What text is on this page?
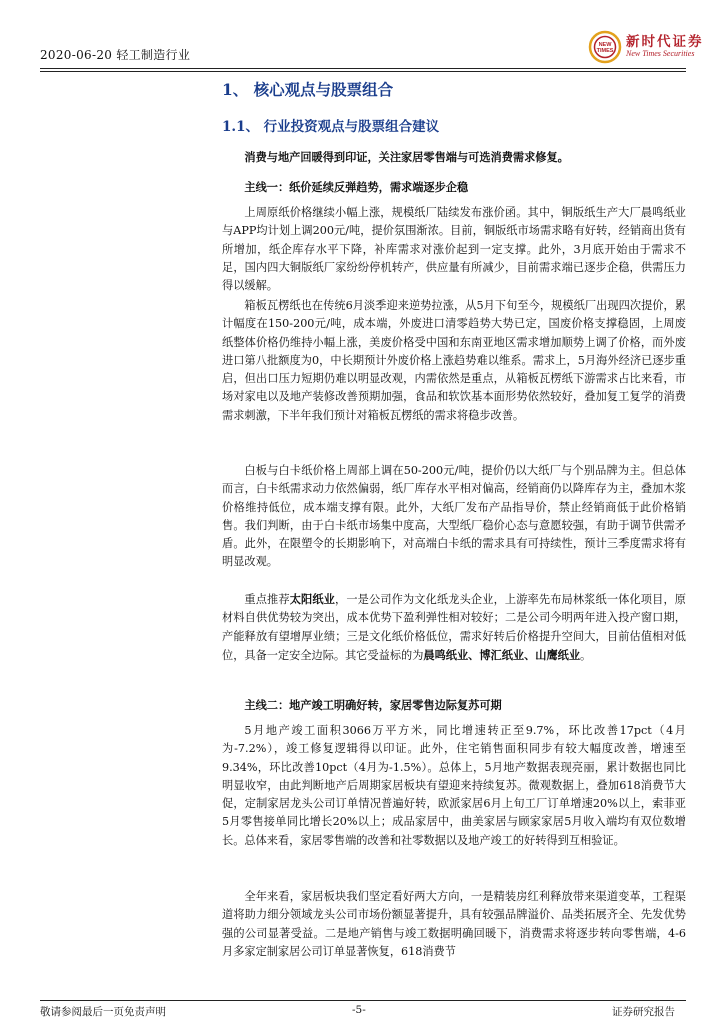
2020-06-20 轻工制造行业
NEW
TIMES
新时代证券
New Times Securities
1、 核心观点与股票组合
1.1、 行业投资观点与股票组合建议

消费与地产回暖得到印证，关注家居零售端与可选消费需求修复。

主线一：纸价延续反弹趋势，需求端逐步企稳

上周原纸价格继续小幅上涨，规模纸厂陆续发布涨价函。其中，铜版纸生产大厂晨鸣纸业与APP均计划上调200元/吨，提价氛围渐浓。目前，铜版纸市场需求略有好转，经销商出货有所增加，纸企库存水平下降，补库需求对涨价起到一定支撑。此外，3月底开始由于需求不足，国内四大铜版纸厂家纷纷停机转产，供应量有所减少，目前需求端已逐步企稳，供需压力得以缓解。

箱板瓦楞纸也在传统6月淡季迎来逆势拉涨，从5月下旬至今，规模纸厂出现四次提价，累计幅度在150-200元/吨，成本端，外废进口清零趋势大势已定，国废价格支撑稳固，上周废纸整体价格仍维持小幅上涨，美废价格受中国和东南亚地区需求增加顺势上调了价格，而外废进口第八批额度为0，中长期预计外废价格上涨趋势难以维系。需求上，5月海外经济已逐步重启，但出口压力短期仍难以明显改观，内需依然是重点，从箱板瓦楞纸下游需求占比来看，市场对家电以及地产装修改善预期加强，食品和软饮基本面形势依然较好，叠加复工复学的消费需求刺激，下半年我们预计对箱板瓦楞纸的需求将稳步改善。

白板与白卡纸价格上周部上调在50-200元/吨，提价仍以大纸厂与个别品牌为主。但总体而言，白卡纸需求动力依然偏弱，纸厂库存水平相对偏高，经销商仍以降库存为主，叠加木浆价格维持低位，成本端支撑有限。此外，大纸厂发布产品指导价，禁止经销商低于此价格销售。我们判断，由于白卡纸市场集中度高，大型纸厂稳价心态与意愿较强，有助于调节供需矛盾。此外，在限塑令的长期影响下，对高端白卡纸的需求具有可持续性，预计三季度需求将有明显改观。

重点推荐太阳纸业，一是公司作为文化纸龙头企业，上游率先布局林浆纸一体化项目，原材料自供优势较为突出，成本优势下盈利弹性相对较好；二是公司今明两年进入投产窗口期，产能释放有望增厚业绩；三是文化纸价格低位，需求好转后价格提升空间大，目前估值相对低位，具备一定安全边际。其它受益标的为晨鸣纸业、博汇纸业、山鹰纸业。

主线二：地产竣工明确好转，家居零售边际复苏可期

5月地产竣工面积3066万平方米，同比增速转正至9.7%，环比改善17pct（4月为-7.2%），竣工修复逻辑得以印证。此外，住宅销售面积同步有较大幅度改善，增速至9.34%，环比改善10pct（4月为-1.5%）。总体上，5月地产数据表现亮丽，累计数据也同比明显收窄，由此判断地产后周期家居板块有望迎来持续复苏。微观数据上，叠加618消费节大促，定制家居龙头公司订单情况普遍好转，欧派家居6月上旬工厂订单增速20%以上，索菲亚5月零售接单同比增长20%以上；成品家居中，曲美家居与顾家家居5月收入端均有双位数增长。总体来看，家居零售端的改善和社零数据以及地产竣工的好转得到互相验证。

全年来看，家居板块我们坚定看好两大方向，一是精装房红利释放带来渠道变革，工程渠道将助力细分领域龙头公司市场份额显著提升，具有较强品牌溢价、品类拓展齐全、先发优势强的公司显著受益。二是地产销售与竣工数据明确回暖下，消费需求将逐步转向零售端，4-6月多家定制家居公司订单显著恢复，618消费节

敬请参阅最后一页免责声明	-5-	证券研究报告
